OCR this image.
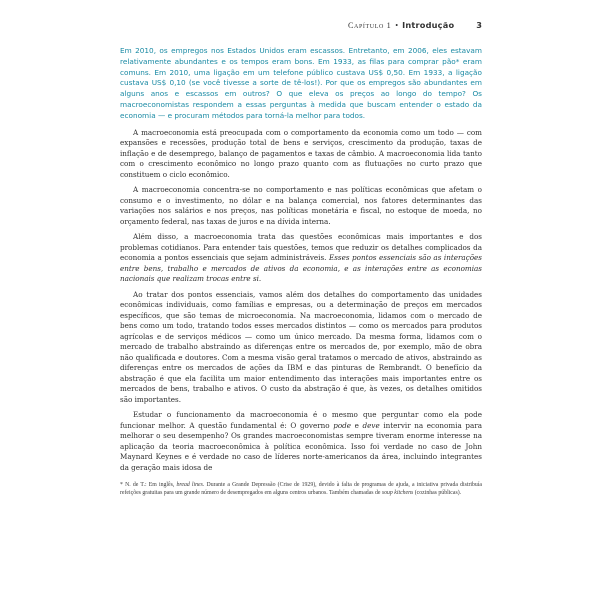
Capítulo 1 • Introdução	3

Em 2010, os empregos nos Estados Unidos eram escassos. Entretanto, em 2006, eles estavam relativamente abundantes e os tempos eram bons. Em 1933, as filas para comprar pão* eram comuns. Em 2010, uma ligação em um telefone público custava US$ 0,50. Em 1933, a ligação custava US$ 0,10 (se você tivesse a sorte de tê-los!). Por que os empregos são abundantes em alguns anos e escassos em outros? O que eleva os preços ao longo do tempo? Os macroeconomistas respondem a essas perguntas à medida que buscam entender o estado da economia — e procuram métodos para torná-la melhor para todos.

A macroeconomia está preocupada com o comportamento da economia como um todo — com expansões e recessões, produção total de bens e serviços, crescimento da produção, taxas de inflação e de desemprego, balanço de pagamentos e taxas de câmbio. A macroeconomia lida tanto com o crescimento econômico no longo prazo quanto com as flutuações no curto prazo que constituem o ciclo econômico.

A macroeconomia concentra-se no comportamento e nas políticas econômicas que afetam o consumo e o investimento, no dólar e na balança comercial, nos fatores determinantes das variações nos salários e nos preços, nas políticas monetária e fiscal, no estoque de moeda, no orçamento federal, nas taxas de juros e na dívida interna.

Além disso, a macroeconomia trata das questões econômicas mais importantes e dos problemas cotidianos. Para entender tais questões, temos que reduzir os detalhes complicados da economia a pontos essenciais que sejam administráveis. Esses pontos essenciais são as interações entre bens, trabalho e mercados de ativos da economia, e as interações entre as economias nacionais que realizam trocas entre si.

Ao tratar dos pontos essenciais, vamos além dos detalhes do comportamento das unidades econômicas individuais, como famílias e empresas, ou a determinação de preços em mercados específicos, que são temas de microeconomia. Na macroeconomia, lidamos com o mercado de bens como um todo, tratando todos esses mercados distintos — como os mercados para produtos agrícolas e de serviços médicos — como um único mercado. Da mesma forma, lidamos com o mercado de trabalho abstraindo as diferenças entre os mercados de, por exemplo, mão de obra não qualificada e doutores. Com a mesma visão geral tratamos o mercado de ativos, abstraindo as diferenças entre os mercados de ações da IBM e das pinturas de Rembrandt. O benefício da abstração é que ela facilita um maior entendimento das interações mais importantes entre os mercados de bens, trabalho e ativos. O custo da abstração é que, às vezes, os detalhes omitidos são importantes.

Estudar o funcionamento da macroeconomia é o mesmo que perguntar como ela pode funcionar melhor. A questão fundamental é: O governo pode e deve intervir na economia para melhorar o seu desempenho? Os grandes macroeconomistas sempre tiveram enorme interesse na aplicação da teoria macroeconômica à política econômica. Isso foi verdade no caso de John Maynard Keynes e é verdade no caso de líderes norte-americanos da área, incluindo integrantes da geração mais idosa de

* N. de T.: Em inglês, bread lines. Durante a Grande Depressão (Crise de 1929), devido à falta de programas de ajuda, a iniciativa privada distribuía refeições gratuitas para um grande número de desempregados em alguns centros urbanos. Também chamadas de soup kitchens (cozinhas públicas).
